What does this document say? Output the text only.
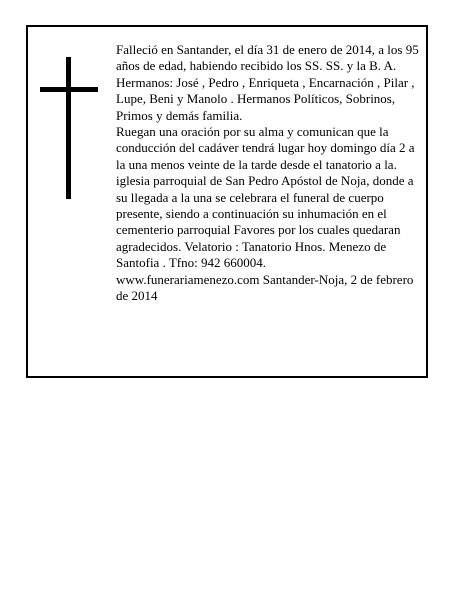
Falleció en Santander, el día 31 de enero de 2014, a los 95 años de edad, habiendo recibido los SS. SS. y la B. A.

Hermanos: José , Pedro , Enriqueta , Encarnación , Pilar , Lupe, Beni y Manolo . Hermanos Políticos, Sobrinos, Primos y demás familia.

Ruegan una oración por su alma y comunican que la conducción del cadáver tendrá lugar hoy domingo día 2 a la una menos veinte de la tarde desde el tanatorio a la. iglesia parroquial de San Pedro Apóstol de Noja, donde a su llegada a la una se celebrara el funeral de cuerpo presente, siendo a continuación su inhumación en el cementerio parroquial Favores por los cuales quedaran agradecidos. Velatorio : Tanatorio Hnos. Menezo de Santofia . Tfno: 942 660004.

www.funerariamenezo.com Santander-Noja, 2 de febrero de 2014
